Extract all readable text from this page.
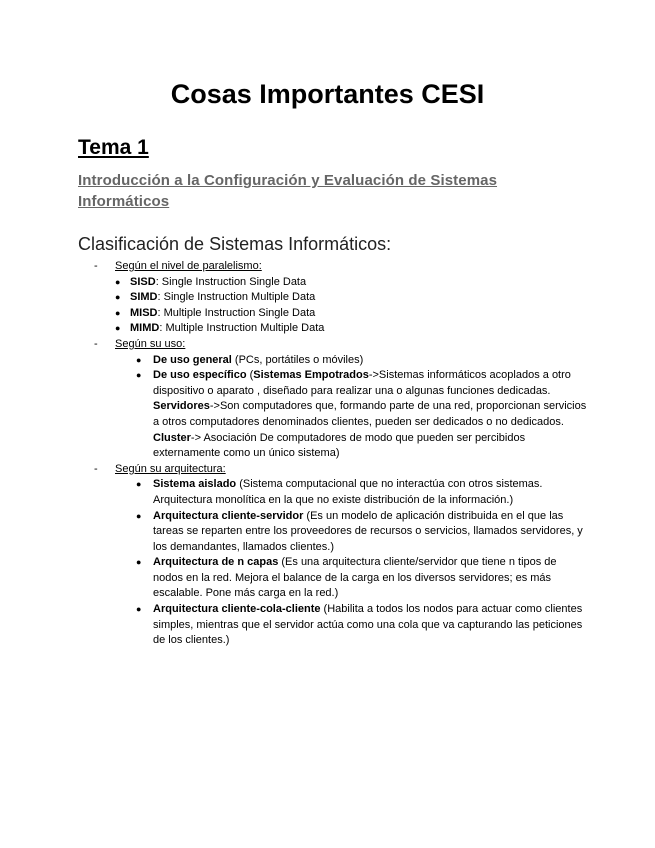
Cosas Importantes CESI
Tema 1
Introducción a la Configuración y Evaluación de Sistemas Informáticos
Clasificación de Sistemas Informáticos:
- Según el nivel de paralelismo:
● SISD: Single Instruction Single Data
● SIMD: Single Instruction Multiple Data
● MISD: Multiple Instruction Single Data
● MIMD: Multiple Instruction Multiple Data
- Según su uso:
● De uso general (PCs, portátiles o móviles)
● De uso específico (Sistemas Empotrados->Sistemas informáticos acoplados a otro dispositivo o aparato , diseñado para realizar una o algunas funciones dedicadas. Servidores->Son computadores que, formando parte de una red, proporcionan servicios a otros computadores denominados clientes, pueden ser dedicados o no dedicados. Cluster-> Asociación De computadores de modo que pueden ser percibidos externamente como un único sistema)
- Según su arquitectura:
● Sistema aislado (Sistema computacional que no interactúa con otros sistemas. Arquitectura monolítica en la que no existe distribución de la información.)
● Arquitectura cliente-servidor (Es un modelo de aplicación distribuida en el que las tareas se reparten entre los proveedores de recursos o servicios, llamados servidores, y los demandantes, llamados clientes.)
● Arquitectura de n capas (Es una arquitectura cliente/servidor que tiene n tipos de nodos en la red. Mejora el balance de la carga en los diversos servidores; es más escalable. Pone más carga en la red.)
● Arquitectura cliente-cola-cliente (Habilita a todos los nodos para actuar como clientes simples, mientras que el servidor actúa como una cola que va capturando las peticiones de los clientes.)
